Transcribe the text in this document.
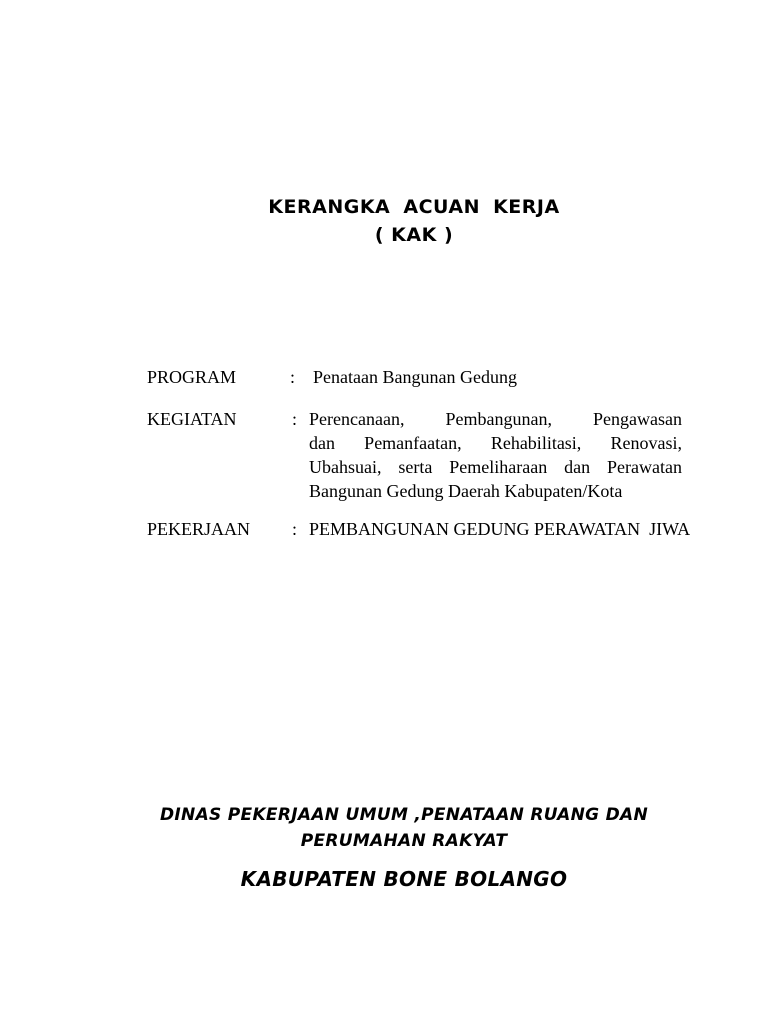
KERANGKA ACUAN KERJA
( KAK )
PROGRAM	: Penataan Bangunan Gedung
KEGIATAN	: Perencanaan, Pembangunan, Pengawasan
dan Pemanfaatan, Rehabilitasi, Renovasi,
Ubahsuai, serta Pemeliharaan dan Perawatan
Bangunan Gedung Daerah Kabupaten/Kota
PEKERJAAN : PEMBANGUNAN GEDUNG PERAWATAN  JIWA
DINAS PEKERJAAN UMUM ,PENATAAN RUANG DAN
PERUMAHAN RAKYAT
KABUPATEN BONE BOLANGO
